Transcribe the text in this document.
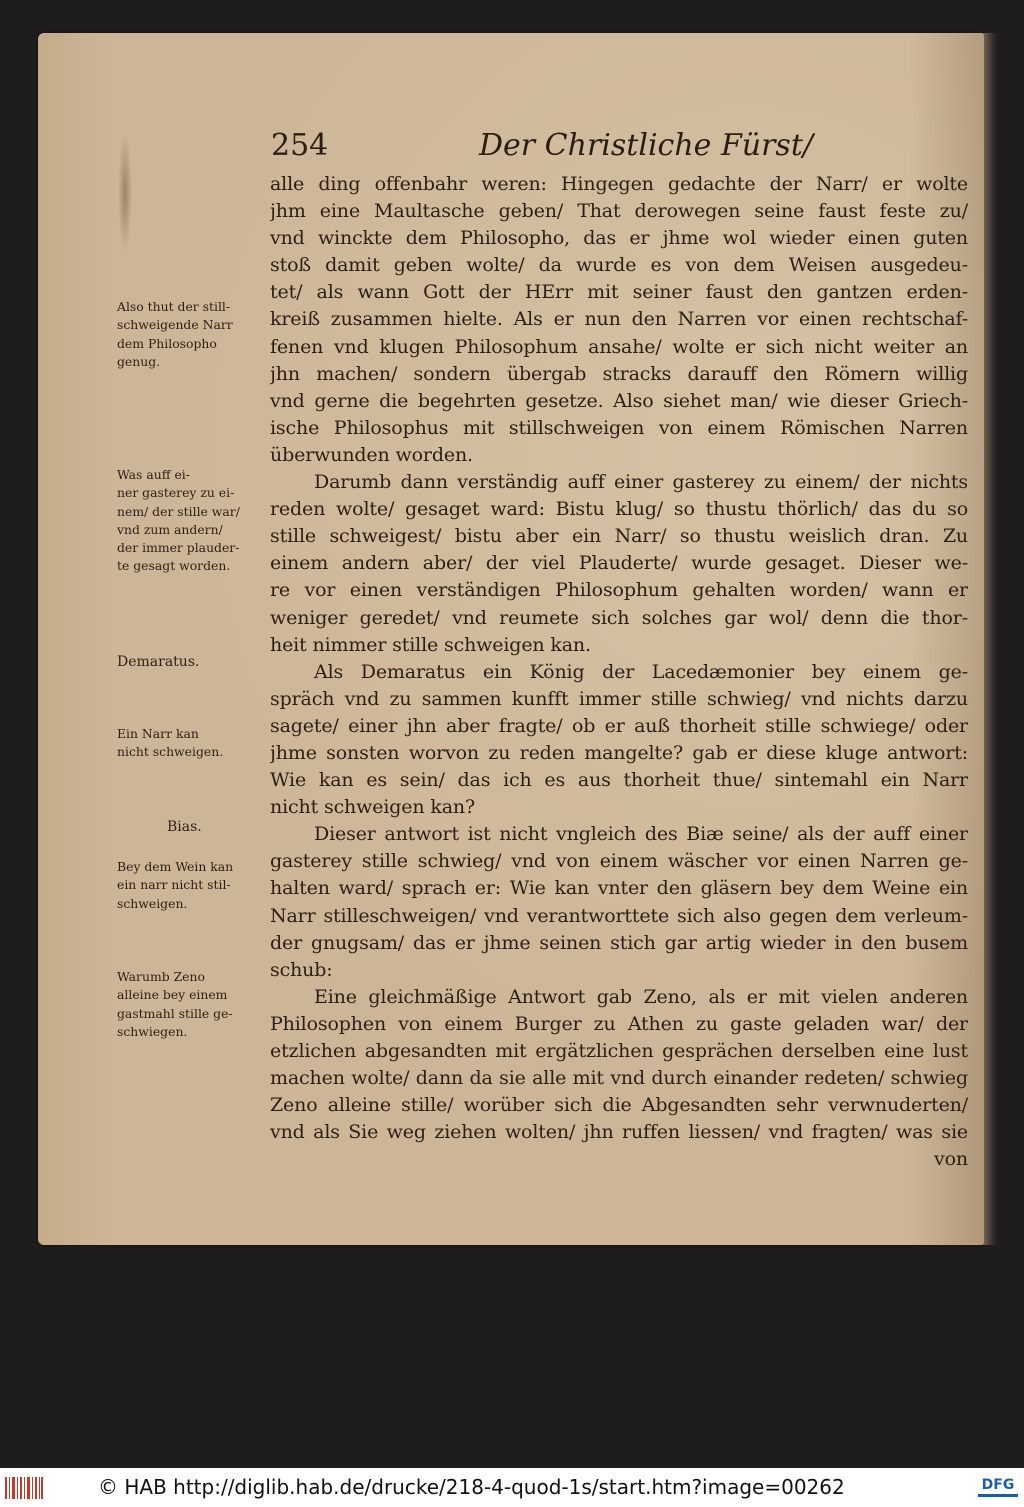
254	Der Christliche Fürst/
alle ding offenbahr weren: Hingegen gedachte der Narr/ er wolte
jhm eine Maultasche geben/ That derowegen seine faust feste zu/
vnd winckte dem Philosopho, das er jhme wol wieder einen guten
stoß damit geben wolte/ da wurde es von dem Weisen ausgedeu-
tet/ als wann Gott der HErr mit seiner faust den gantzen erden-
kreiß zusammen hielte. Als er nun den Narren vor einen rechtschaf-
fenen vnd klugen Philosophum ansahe/ wolte er sich nicht weiter an
jhn machen/ sondern übergab stracks darauff den Römern willig
vnd gerne die begehrten gesetze. Also siehet man/ wie dieser Griech-
ische Philosophus mit stillschweigen von einem Römischen Narren
überwunden worden.
Darumb dann verständig auff einer gasterey zu einem/ der nichts
reden wolte/ gesaget ward: Bistu klug/ so thustu thörlich/ das du so
stille schweigest/ bistu aber ein Narr/ so thustu weislich dran. Zu
einem andern aber/ der viel Plauderte/ wurde gesaget. Dieser we-
re vor einen verständigen Philosophum gehalten worden/ wann er
weniger geredet/ vnd reumete sich solches gar wol/ denn die thor-
heit nimmer stille schweigen kan.
Als Demaratus ein König der Lacedæmonier bey einem ge-
spräch vnd zu sammen kunfft immer stille schwieg/ vnd nichts darzu
sagete/ einer jhn aber fragte/ ob er auß thorheit stille schwiege/ oder
jhme sonsten worvon zu reden mangelte? gab er diese kluge antwort:
Wie kan es sein/ das ich es aus thorheit thue/ sintemahl ein Narr
nicht schweigen kan?
Dieser antwort ist nicht vngleich des Biæ seine/ als der auff einer
gasterey stille schwieg/ vnd von einem wäscher vor einen Narren ge-
halten ward/ sprach er: Wie kan vnter den gläsern bey dem Weine ein
Narr stilleschweigen/ vnd verantworttete sich also gegen dem verleum-
der gnugsam/ das er jhme seinen stich gar artig wieder in den busem
schub:
Eine gleichmäßige Antwort gab Zeno, als er mit vielen anderen
Philosophen von einem Burger zu Athen zu gaste geladen war/ der
etzlichen abgesandten mit ergätzlichen gesprächen derselben eine lust
machen wolte/ dann da sie alle mit vnd durch einander redeten/ schwieg
Zeno alleine stille/ worüber sich die Abgesandten sehr verwnuderten/
vnd als Sie weg ziehen wolten/ jhn ruffen liessen/ vnd fragten/ was sie
von
Also thut der still-
schweigende Narr
dem Philosopho
genug.
Was auff ei-
ner gasterey zu ei-
nem/ der stille war/
vnd zum andern/
der immer plauder-
te gesagt worden.
Demaratus.
Ein Narr kan
nicht schweigen.
Bias.
Bey dem Wein kan
ein narr nicht stil-
schweigen.
Warumb Zeno
alleine bey einem
gastmahl stille ge-
schwiegen.
© HAB http://diglib.hab.de/drucke/218-4-quod-1s/start.htm?image=00262	DFG
